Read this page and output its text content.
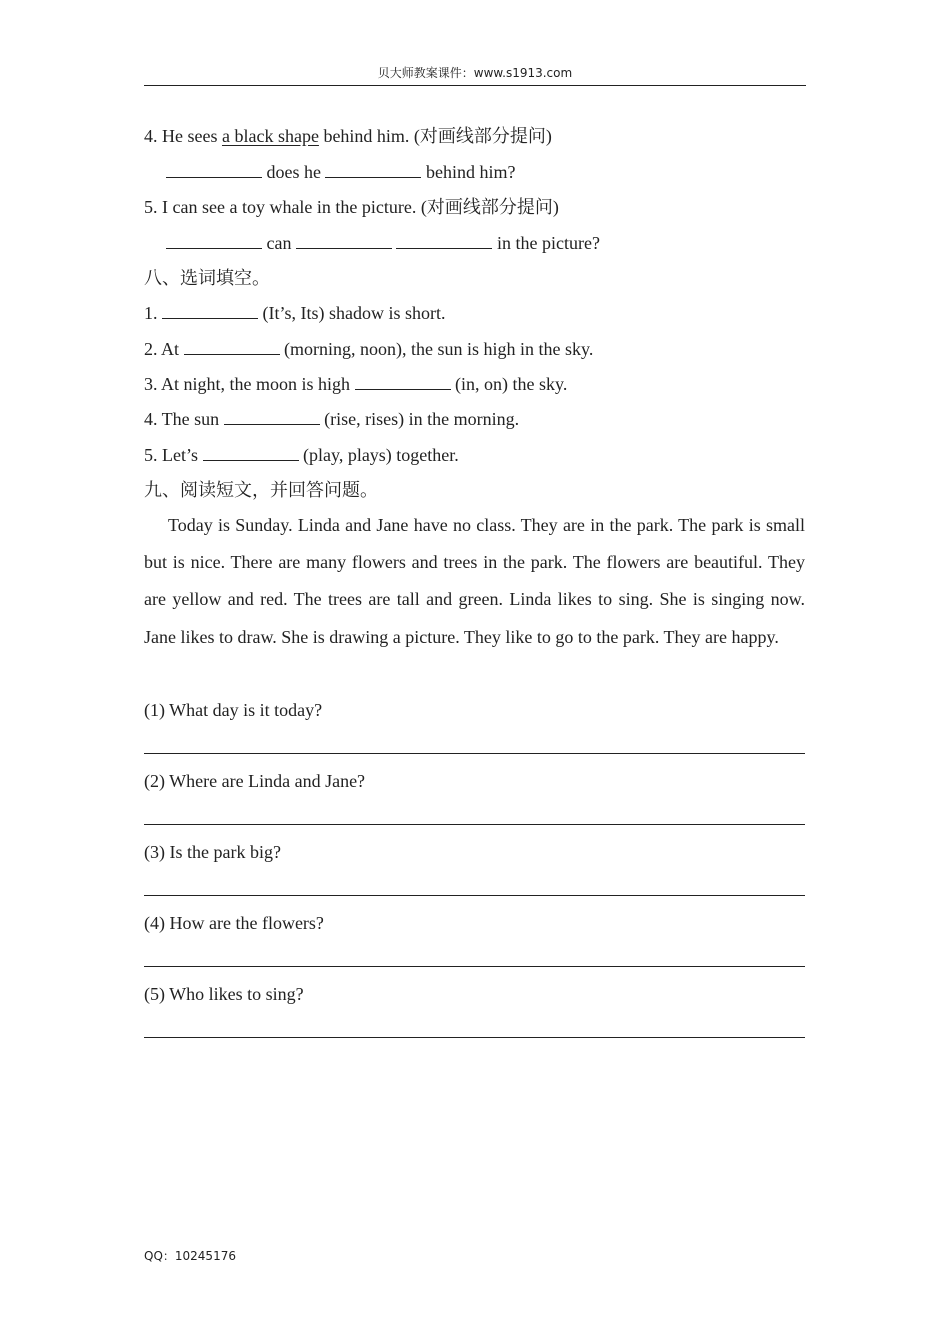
贝大师教案课件：www.s1913.com
4. He sees a black shape behind him. (对画线部分提问)
does he	behind him?
5. I can see a toy whale in the picture. (对画线部分提问)
can	in the picture?
八、选词填空。
1.	(It’s, Its) shadow is short.
2. At	(morning, noon), the sun is high in the sky.
3. At night, the moon is high	(in, on) the sky.
4. The sun	(rise, rises) in the morning.
5. Let’s	(play, plays) together.
九、阅读短文，并回答问题。
Today is Sunday. Linda and Jane have no class. They are in the park. The park is small but is nice. There are many flowers and trees in the park. The flowers are beautiful. They are yellow and red. The trees are tall and green. Linda likes to sing. She is singing now. Jane likes to draw. She is drawing a picture. They like to go to the park. They are happy.
(1) What day is it today?
(2) Where are Linda and Jane?
(3) Is the park big?
(4) How are the flowers?
(5) Who likes to sing?
QQ：10245176
